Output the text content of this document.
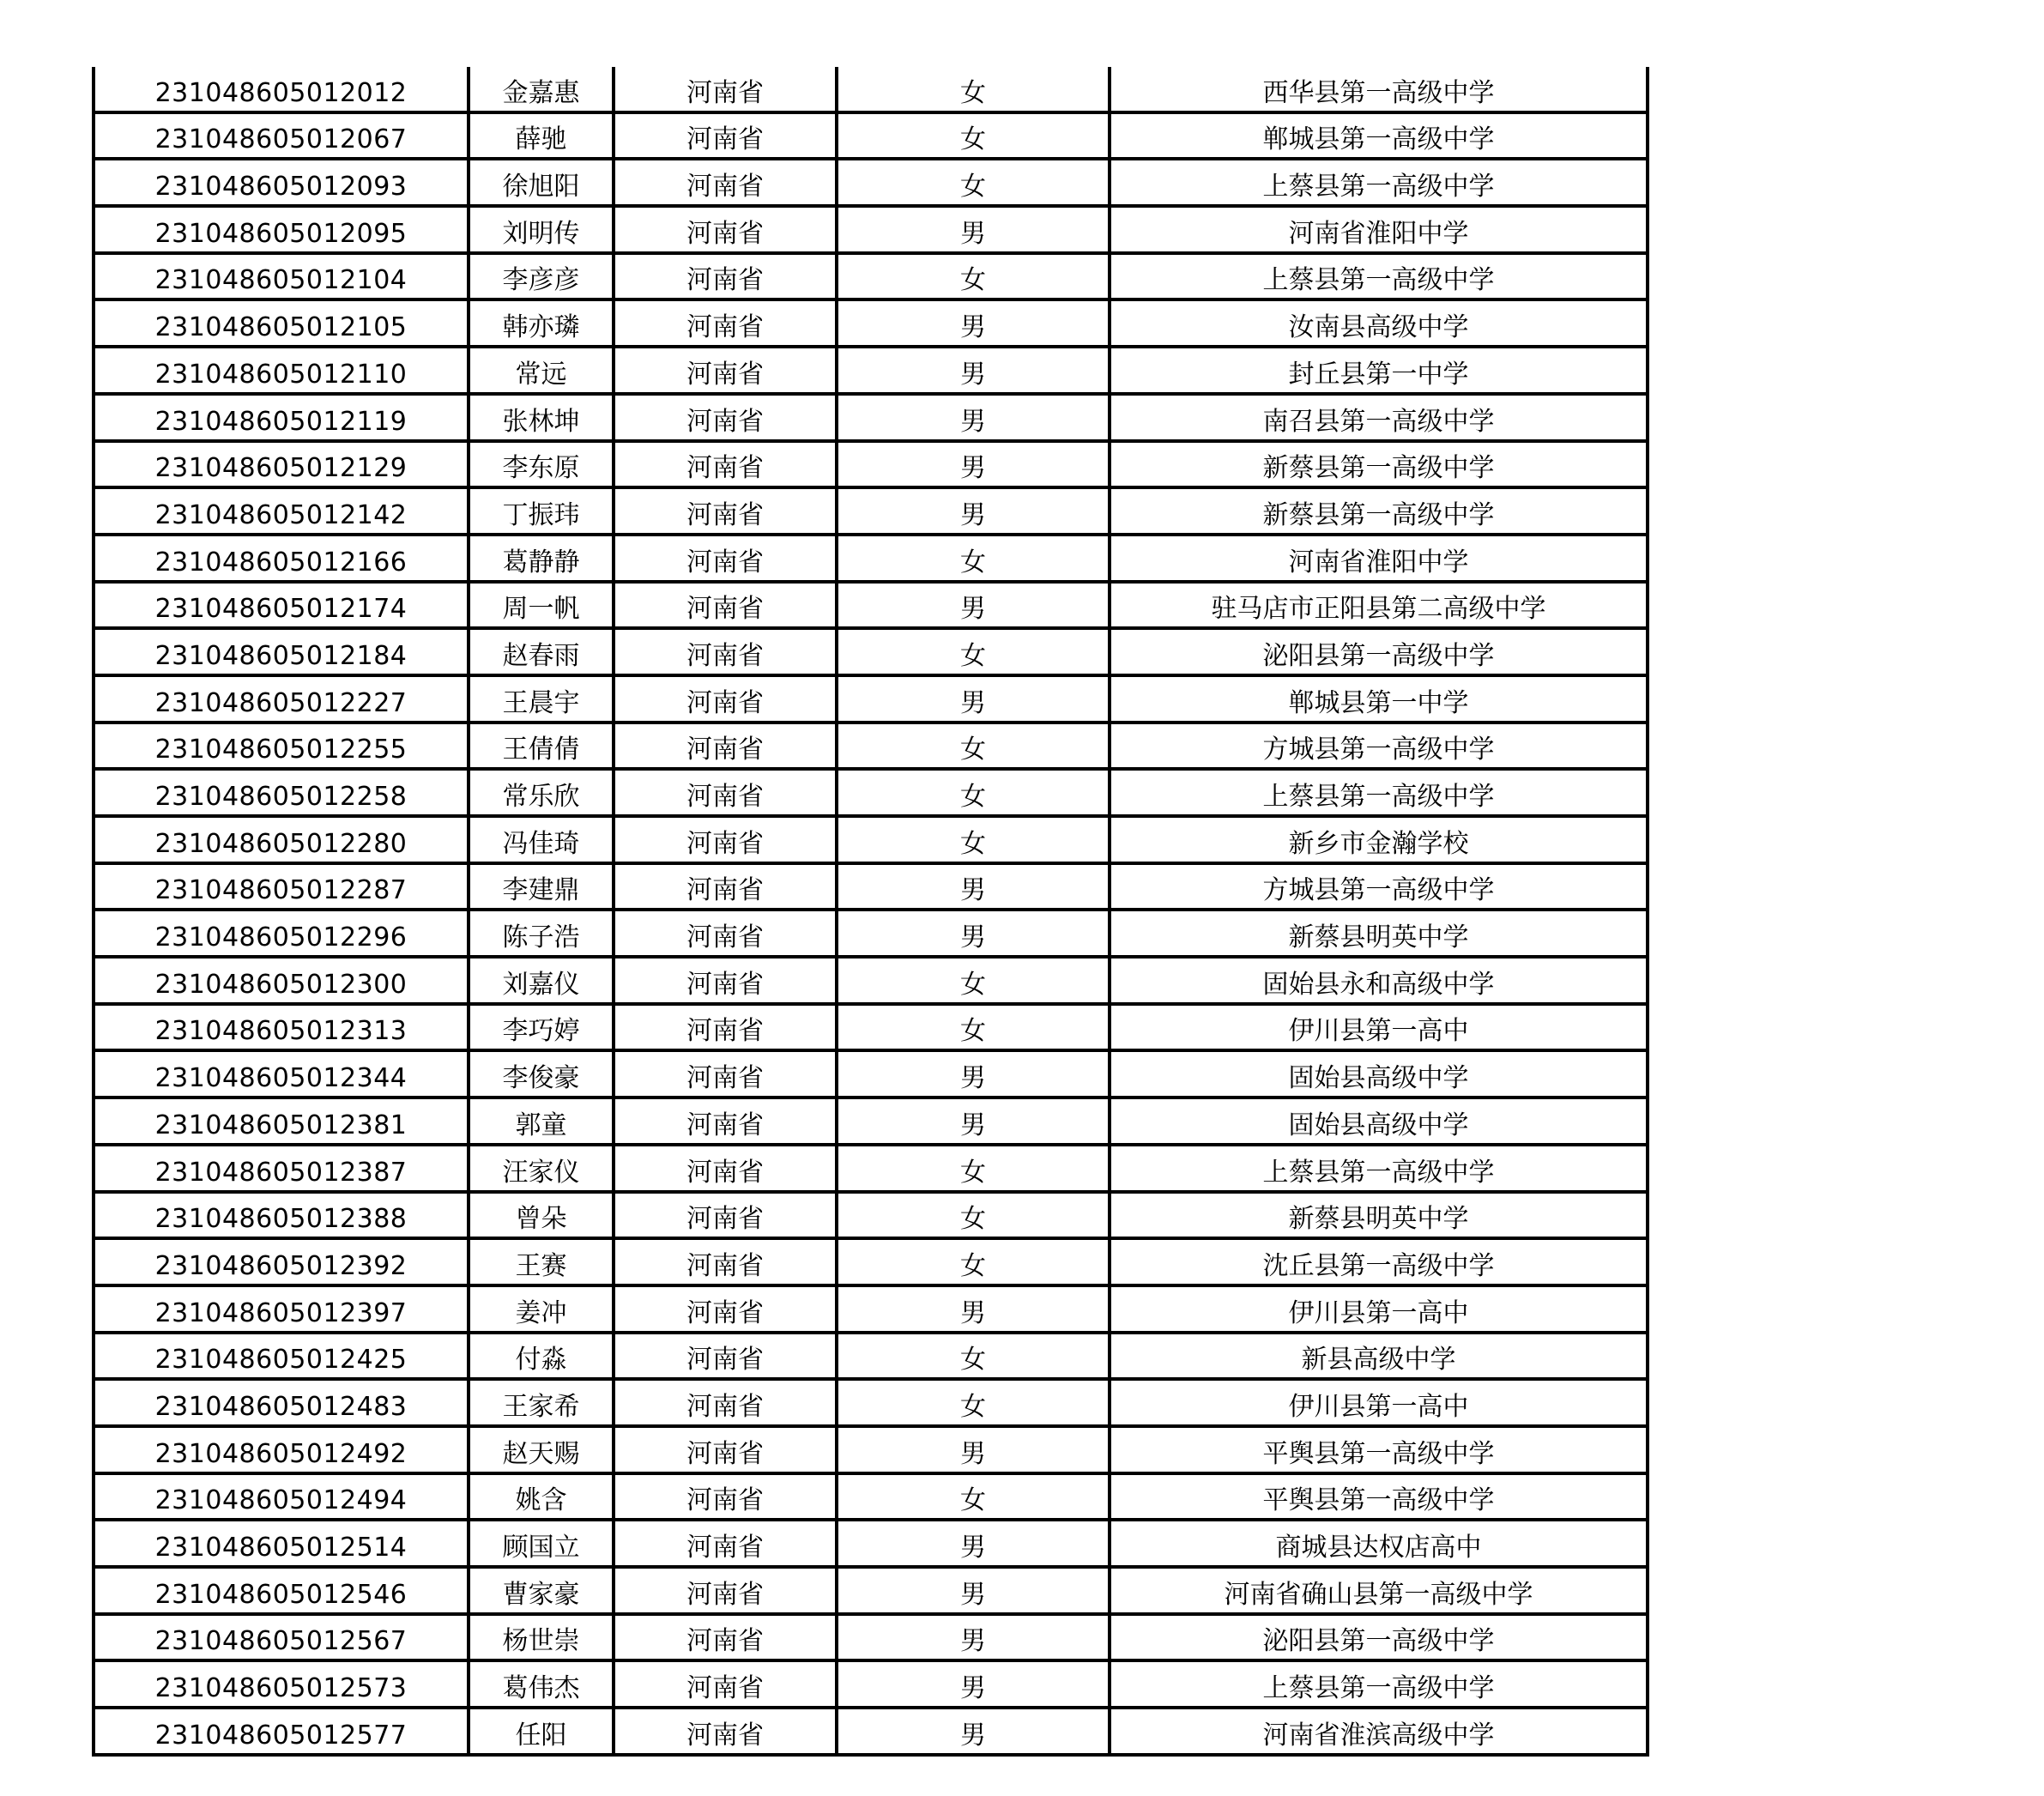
231048605012012	金嘉惠	河南省	女	西华县第一高级中学
231048605012067	薛驰	河南省	女	郸城县第一高级中学
231048605012093	徐旭阳	河南省	女	上蔡县第一高级中学
231048605012095	刘明传	河南省	男	河南省淮阳中学
231048605012104	李彦彦	河南省	女	上蔡县第一高级中学
231048605012105	韩亦璘	河南省	男	汝南县高级中学
231048605012110	常远	河南省	男	封丘县第一中学
231048605012119	张林坤	河南省	男	南召县第一高级中学
231048605012129	李东原	河南省	男	新蔡县第一高级中学
231048605012142	丁振玮	河南省	男	新蔡县第一高级中学
231048605012166	葛静静	河南省	女	河南省淮阳中学
231048605012174	周一帆	河南省	男	驻马店市正阳县第二高级中学
231048605012184	赵春雨	河南省	女	泌阳县第一高级中学
231048605012227	王晨宇	河南省	男	郸城县第一中学
231048605012255	王倩倩	河南省	女	方城县第一高级中学
231048605012258	常乐欣	河南省	女	上蔡县第一高级中学
231048605012280	冯佳琦	河南省	女	新乡市金瀚学校
231048605012287	李建鼎	河南省	男	方城县第一高级中学
231048605012296	陈子浩	河南省	男	新蔡县明英中学
231048605012300	刘嘉仪	河南省	女	固始县永和高级中学
231048605012313	李巧婷	河南省	女	伊川县第一高中
231048605012344	李俊豪	河南省	男	固始县高级中学
231048605012381	郭童	河南省	男	固始县高级中学
231048605012387	汪家仪	河南省	女	上蔡县第一高级中学
231048605012388	曾朵	河南省	女	新蔡县明英中学
231048605012392	王赛	河南省	女	沈丘县第一高级中学
231048605012397	姜冲	河南省	男	伊川县第一高中
231048605012425	付淼	河南省	女	新县高级中学
231048605012483	王家希	河南省	女	伊川县第一高中
231048605012492	赵天赐	河南省	男	平舆县第一高级中学
231048605012494	姚含	河南省	女	平舆县第一高级中学
231048605012514	顾国立	河南省	男	商城县达权店高中
231048605012546	曹家豪	河南省	男	河南省确山县第一高级中学
231048605012567	杨世崇	河南省	男	泌阳县第一高级中学
231048605012573	葛伟杰	河南省	男	上蔡县第一高级中学
231048605012577	任阳	河南省	男	河南省淮滨高级中学
